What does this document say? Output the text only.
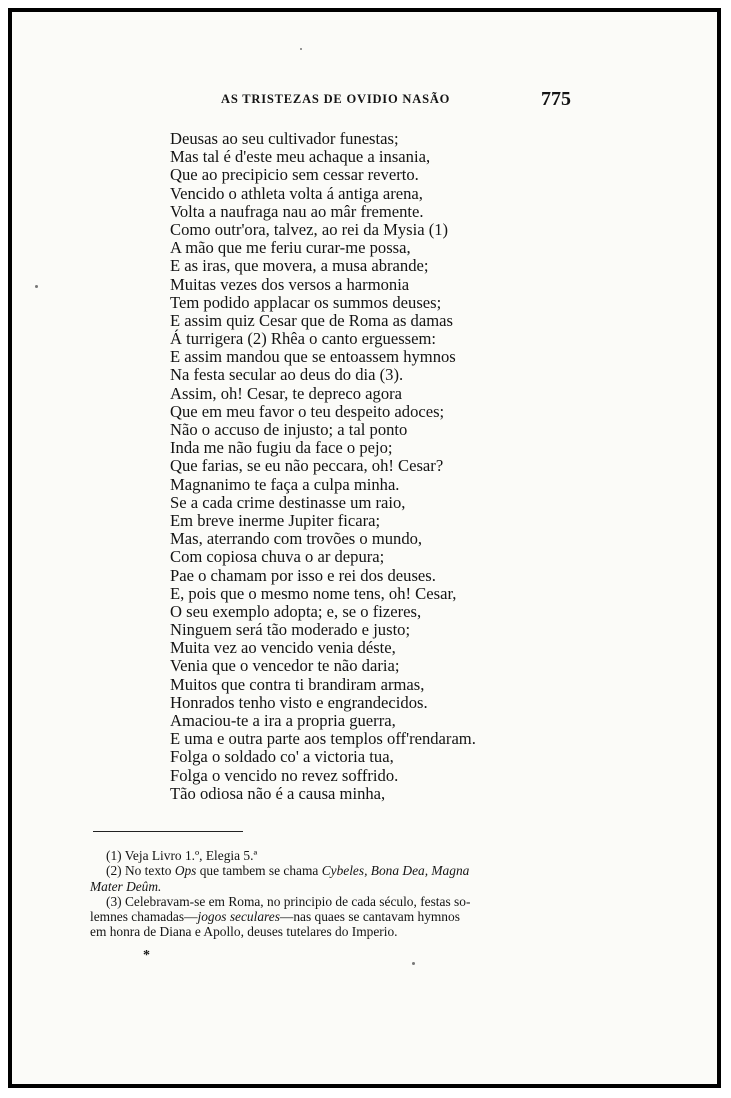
AS TRISTEZAS DE OVIDIO NASÃO	775
Deusas ao seu cultivador funestas;
Mas tal é d'este meu achaque a insania,
Que ao precipicio sem cessar reverto.
Vencido o athleta volta á antiga arena,
Volta a naufraga nau ao mâr fremente.
Como outr'ora, talvez, ao rei da Mysia (1)
A mão que me feriu curar-me possa,
E as iras, que movera, a musa abrande;
Muitas vezes dos versos a harmonia
Tem podido applacar os summos deuses;
E assim quiz Cesar que de Roma as damas
Á turrigera (2) Rhêa o canto erguessem:
E assim mandou que se entoassem hymnos
Na festa secular ao deus do dia (3).
Assim, oh! Cesar, te depreco agora
Que em meu favor o teu despeito adoces;
Não o accuso de injusto; a tal ponto
Inda me não fugiu da face o pejo;
Que farias, se eu não peccara, oh! Cesar?
Magnanimo te faça a culpa minha.
Se a cada crime destinasse um raio,
Em breve inerme Jupiter ficara;
Mas, aterrando com trovões o mundo,
Com copiosa chuva o ar depura;
Pae o chamam por isso e rei dos deuses.
E, pois que o mesmo nome tens, oh! Cesar,
O seu exemplo adopta; e, se o fizeres,
Ninguem será tão moderado e justo;
Muita vez ao vencido venia déste,
Venia que o vencedor te não daria;
Muitos que contra ti brandiram armas,
Honrados tenho visto e engrandecidos.
Amaciou-te a ira a propria guerra,
E uma e outra parte aos templos off'rendaram.
Folga o soldado co' a victoria tua,
Folga o vencido no revez soffrido.
Tão odiosa não é a causa minha,

(1) Veja Livro 1.º, Elegia 5.ª

(2) No texto Ops que tambem se chama Cybeles, Bona Dea, Magna

Mater Deûm.

(3) Celebravam-se em Roma, no principio de cada século, festas so-

lemnes chamadas—jogos seculares—nas quaes se cantavam hymnos

em honra de Diana e Apollo, deuses tutelares do Imperio.

*
